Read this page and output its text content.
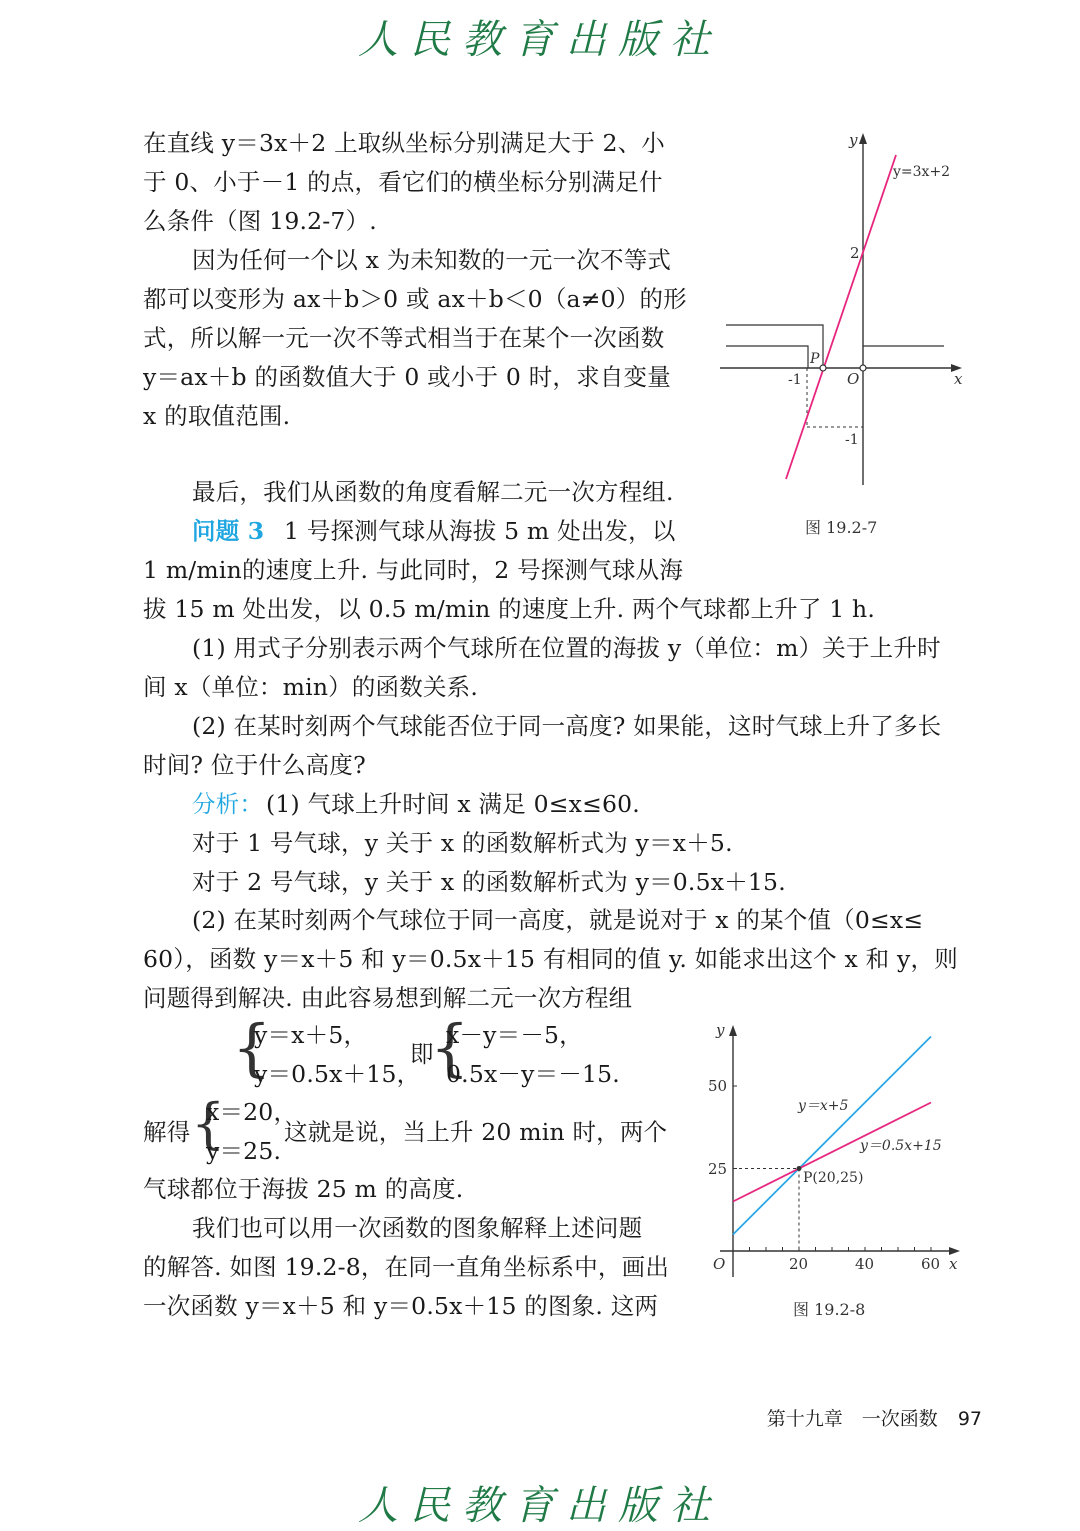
人民教育出版社
在直线 y＝3x＋2 上取纵坐标分别满足大于 2、小
于 0、小于－1 的点，看它们的横坐标分别满足什
么条件（图 19.2-7）.
因为任何一个以 x 为未知数的一元一次不等式
都可以变形为 ax＋b＞0 或 ax＋b＜0（a≠0）的形
式，所以解一元一次不等式相当于在某个一次函数
y＝ax＋b 的函数值大于 0 或小于 0 时，求自变量
x 的取值范围.
最后，我们从函数的角度看解二元一次方程组.
问题 3 1 号探测气球从海拔 5 m 处出发，以
1 m/min的速度上升. 与此同时，2 号探测气球从海
拔 15 m 处出发，以 0.5 m/min 的速度上升. 两个气球都上升了 1 h.
(1) 用式子分别表示两个气球所在位置的海拔 y（单位：m）关于上升时
间 x（单位：min）的函数关系.
(2) 在某时刻两个气球能否位于同一高度? 如果能，这时气球上升了多长
时间? 位于什么高度?
分析： (1) 气球上升时间 x 满足 0≤x≤60.
对于 1 号气球，y 关于 x 的函数解析式为 y＝x＋5.
对于 2 号气球，y 关于 x 的函数解析式为 y＝0.5x＋15.
(2) 在某时刻两个气球位于同一高度，就是说对于 x 的某个值（0≤x≤
60），函数 y＝x＋5 和 y＝0.5x＋15 有相同的值 y. 如能求出这个 x 和 y，则
问题得到解决. 由此容易想到解二元一次方程组
{
y＝x＋5，
y＝0.5x＋15，
即
{
x－y＝－5，
0.5x－y＝－15.
解得 {
x＝20，
y＝25.
这就是说，当上升 20 min 时，两个
气球都位于海拔 25 m 的高度.
我们也可以用一次函数的图象解释上述问题
的解答. 如图 19.2-8，在同一直角坐标系中，画出
一次函数 y＝x＋5 和 y＝0.5x＋15 的图象. 这两
y
x
y=3x+2
2
-1	O
-1
P
图 19.2-7
y
x
O	20	40	60
50
25
y＝x+5
y＝0.5x+15
P(20,25)
图 19.2-8
第十九章　一次函数 97
人民教育出版社
